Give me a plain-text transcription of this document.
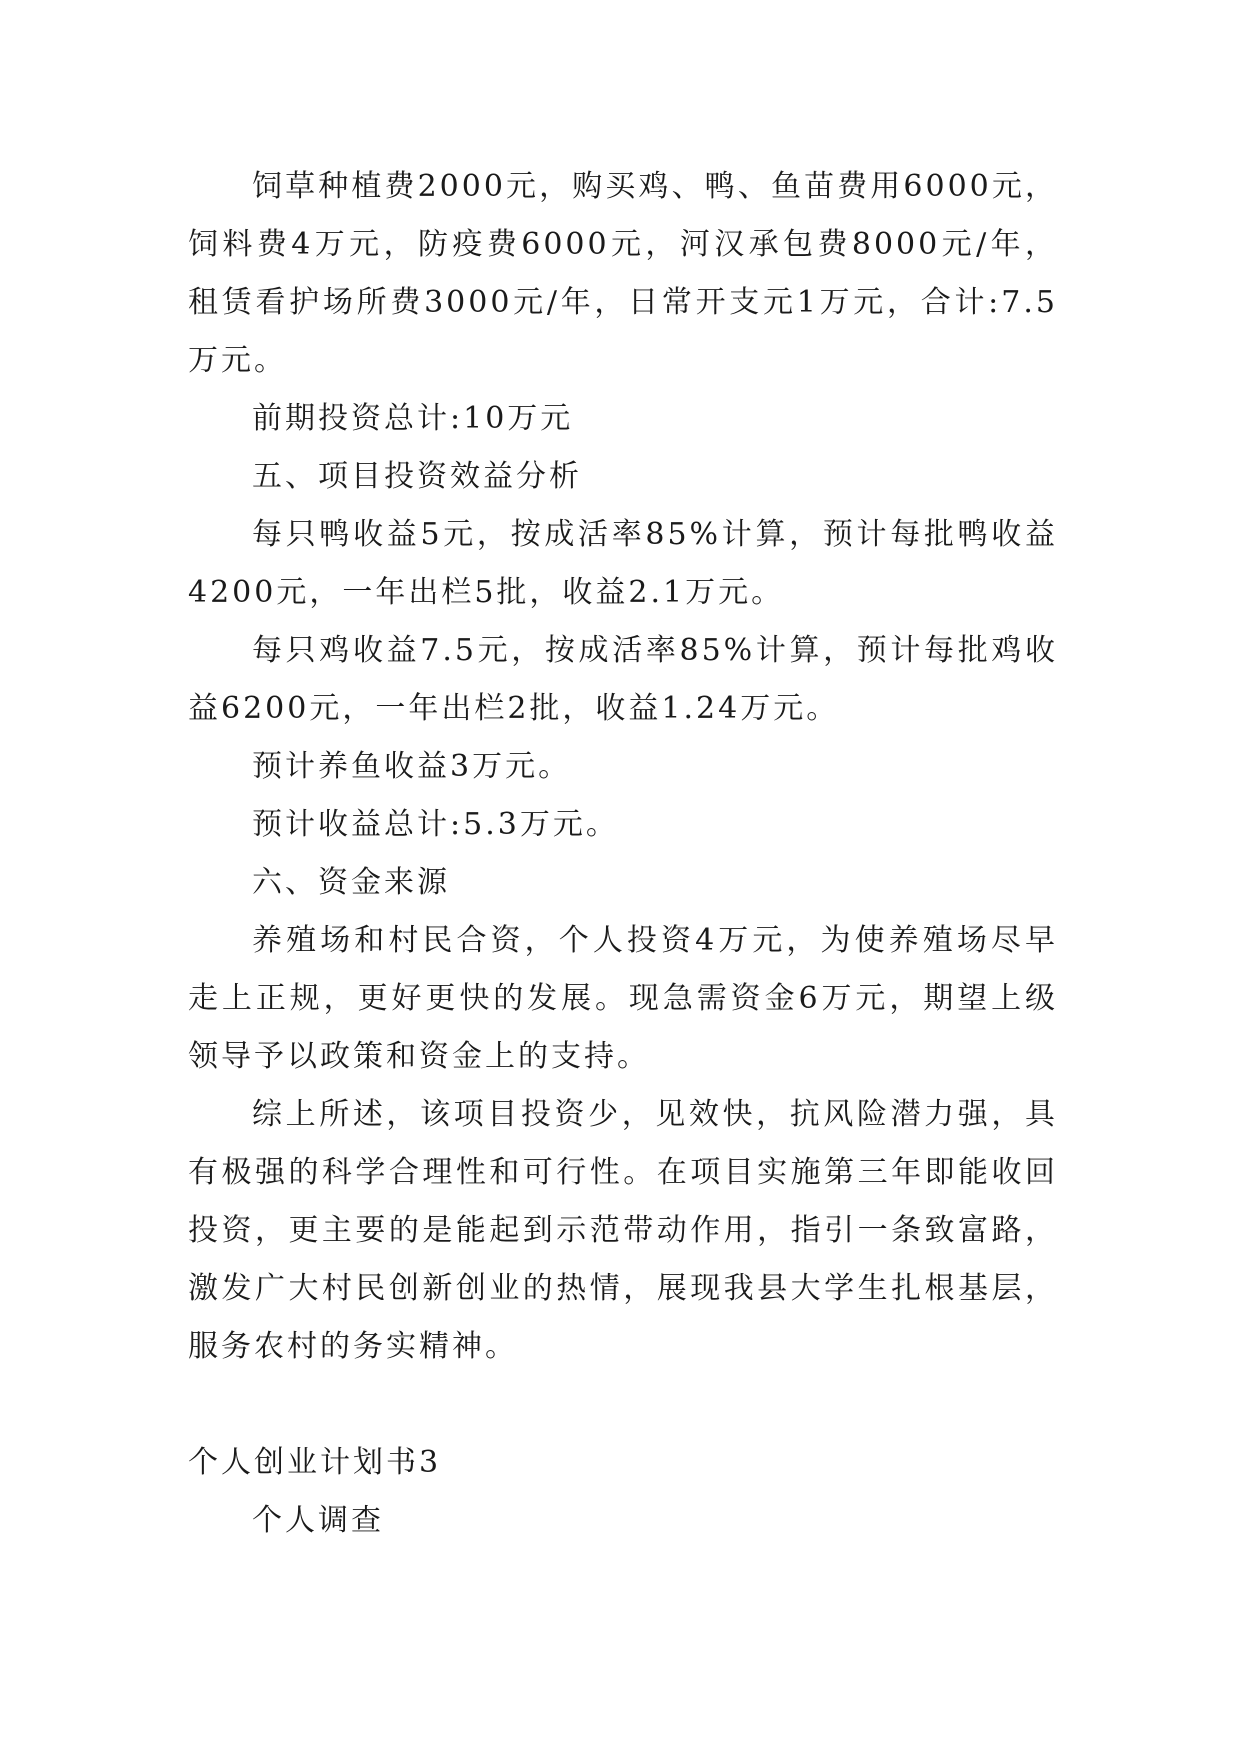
饲草种植费2000元，购买鸡、鸭、鱼苗费用6000元，饲料费4万元，防疫费6000元，河汉承包费8000元/年，租赁看护场所费3000元/年，日常开支元1万元，合计:7.5万元。

前期投资总计:10万元

五、项目投资效益分析

每只鸭收益5元，按成活率85%计算，预计每批鸭收益4200元，一年出栏5批，收益2.1万元。

每只鸡收益7.5元，按成活率85%计算，预计每批鸡收益6200元，一年出栏2批，收益1.24万元。

预计养鱼收益3万元。

预计收益总计:5.3万元。

六、资金来源

养殖场和村民合资，个人投资4万元，为使养殖场尽早走上正规，更好更快的发展。现急需资金6万元，期望上级领导予以政策和资金上的支持。

综上所述，该项目投资少，见效快，抗风险潜力强，具有极强的科学合理性和可行性。在项目实施第三年即能收回投资，更主要的是能起到示范带动作用，指引一条致富路，激发广大村民创新创业的热情，展现我县大学生扎根基层，服务农村的务实精神。

个人创业计划书3

个人调查
